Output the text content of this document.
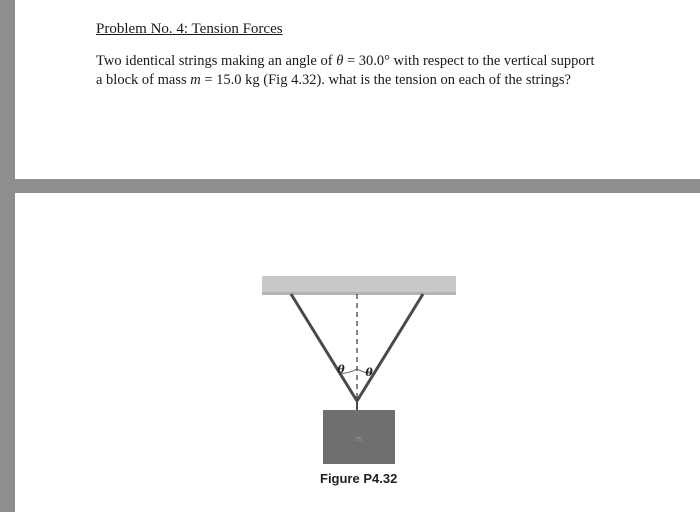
Problem No. 4: Tension Forces
Two identical strings making an angle of θ = 30.0° with respect to the vertical support
a block of mass m = 15.0 kg (Fig 4.32). what is the tension on each of the strings?
θ θ
m
Figure P4.32
